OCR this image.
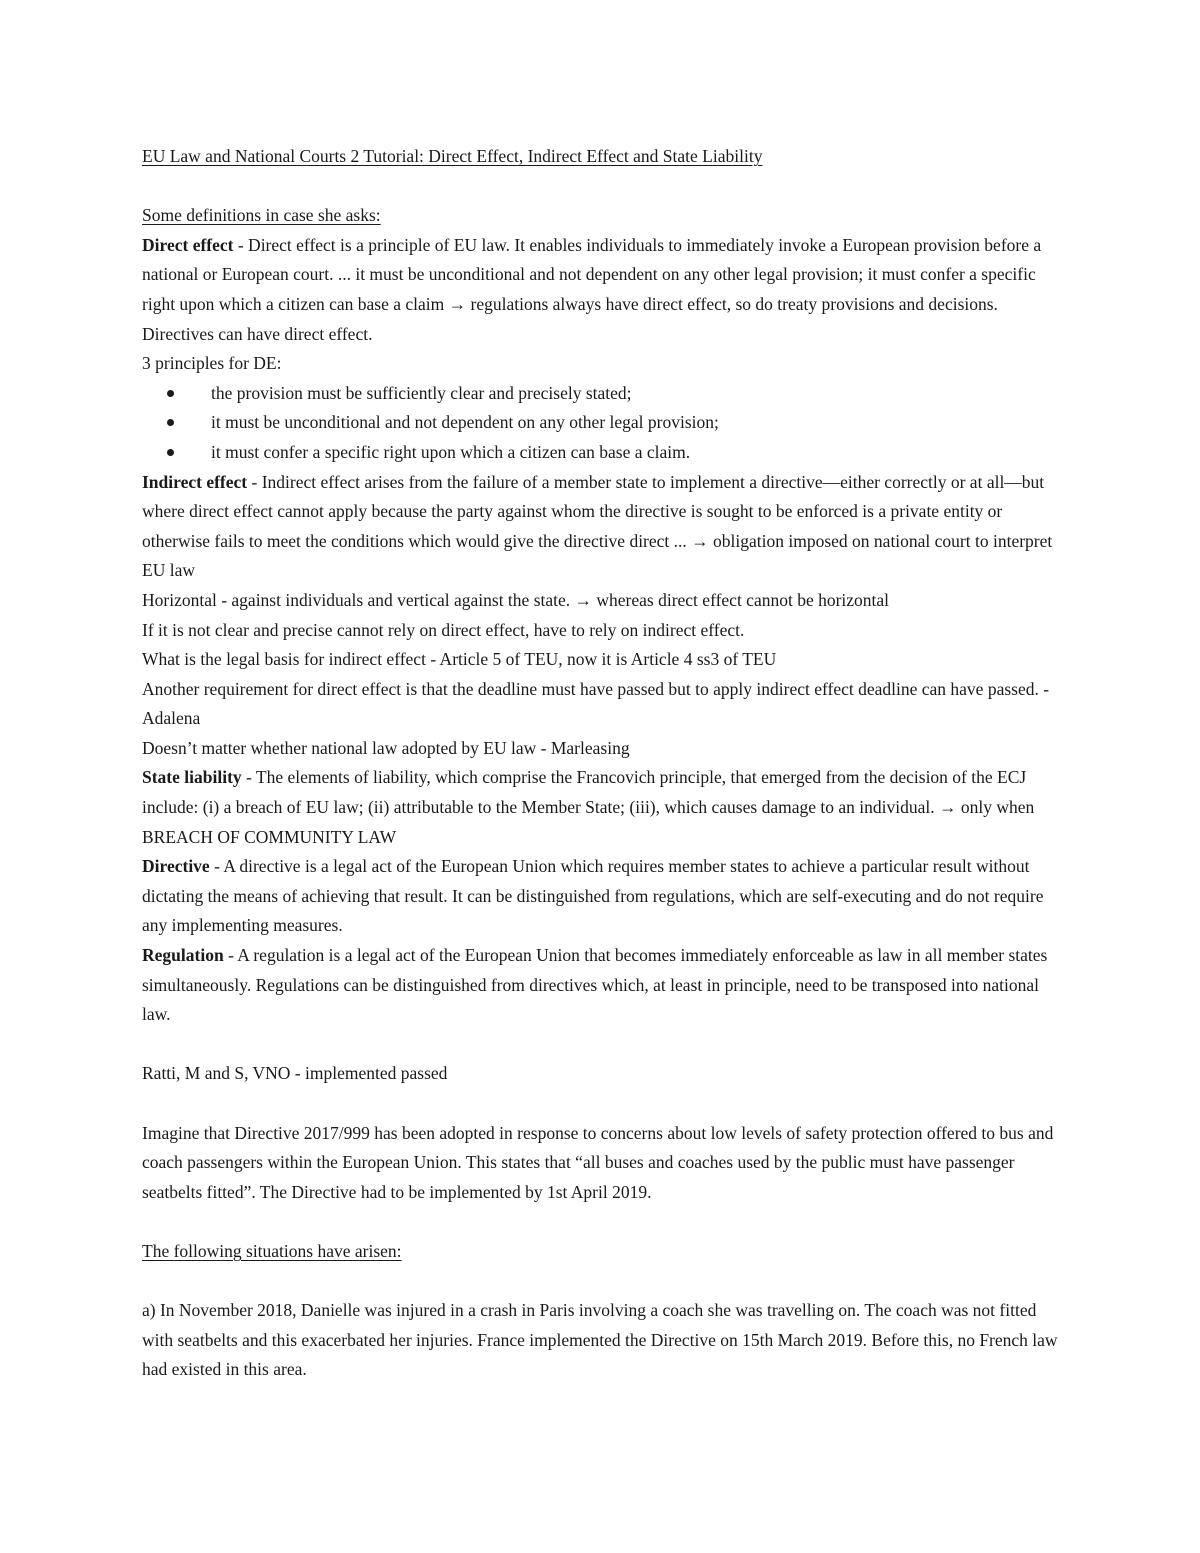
EU Law and National Courts 2 Tutorial: Direct Effect, Indirect Effect and State Liability

Some definitions in case she asks:

Direct effect - Direct effect is a principle of EU law. It enables individuals to immediately invoke a European provision before a national or European court. ... it must be unconditional and not dependent on any other legal provision; it must confer a specific right upon which a citizen can base a claim → regulations always have direct effect, so do treaty provisions and decisions. Directives can have direct effect.

3 principles for DE:

the provision must be sufficiently clear and precisely stated;
it must be unconditional and not dependent on any other legal provision;
it must confer a specific right upon which a citizen can base a claim.

Indirect effect - Indirect effect arises from the failure of a member state to implement a directive—either correctly or at all—but where direct effect cannot apply because the party against whom the directive is sought to be enforced is a private entity or otherwise fails to meet the conditions which would give the directive direct ... → obligation imposed on national court to interpret EU law

Horizontal - against individuals and vertical against the state. → whereas direct effect cannot be horizontal

If it is not clear and precise cannot rely on direct effect, have to rely on indirect effect.

What is the legal basis for indirect effect - Article 5 of TEU, now it is Article 4 ss3 of TEU

Another requirement for direct effect is that the deadline must have passed but to apply indirect effect deadline can have passed. - Adalena

Doesn’t matter whether national law adopted by EU law - Marleasing

State liability - The elements of liability, which comprise the Francovich principle, that emerged from the decision of the ECJ include: (i) a breach of EU law; (ii) attributable to the Member State; (iii), which causes damage to an individual. → only when BREACH OF COMMUNITY LAW

Directive - A directive is a legal act of the European Union which requires member states to achieve a particular result without dictating the means of achieving that result. It can be distinguished from regulations, which are self-executing and do not require any implementing measures.

Regulation - A regulation is a legal act of the European Union that becomes immediately enforceable as law in all member states simultaneously. Regulations can be distinguished from directives which, at least in principle, need to be transposed into national law.

Ratti, M and S, VNO - implemented passed

Imagine that Directive 2017/999 has been adopted in response to concerns about low levels of safety protection offered to bus and coach passengers within the European Union. This states that “all buses and coaches used by the public must have passenger seatbelts fitted”. The Directive had to be implemented by 1st April 2019.

The following situations have arisen:

a) In November 2018, Danielle was injured in a crash in Paris involving a coach she was travelling on. The coach was not fitted with seatbelts and this exacerbated her injuries. France implemented the Directive on 15th March 2019. Before this, no French law had existed in this area.
